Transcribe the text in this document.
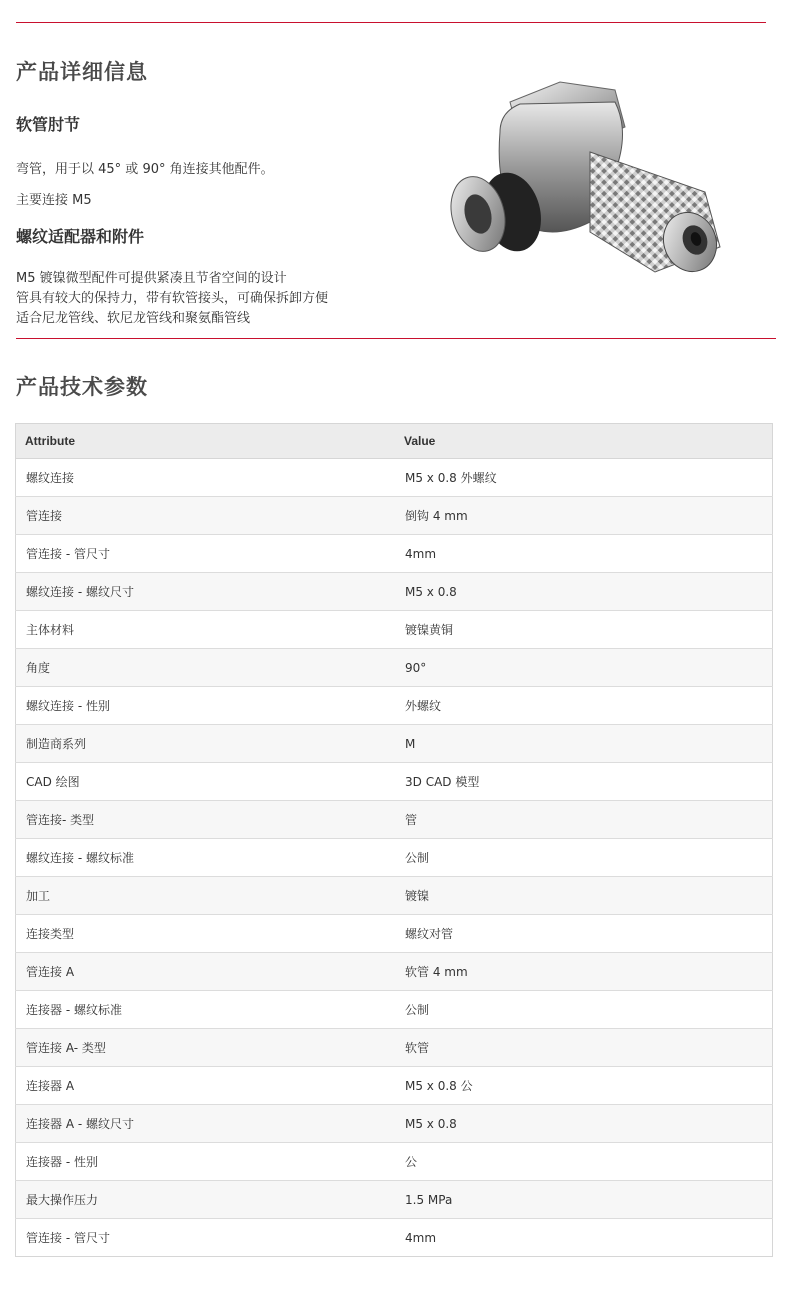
产品详细信息
软管肘节

弯管，用于以 45° 或 90° 角连接其他配件。

主要连接 M5

螺纹适配器和附件
M5 镀镍微型配件可提供紧凑且节省空间的设计
管具有较大的保持力，带有软管接头，可确保拆卸方便
适合尼龙管线、软尼龙管线和聚氨酯管线
产品技术参数
Attribute	Value
螺纹连接	M5 x 0.8 外螺纹
管连接	倒钩 4 mm
管连接 - 管尺寸	4mm
螺纹连接 - 螺纹尺寸	M5 x 0.8
主体材料	镀镍黄铜
角度	90°
螺纹连接 - 性别	外螺纹
制造商系列	M
CAD 绘图	3D CAD 模型
管连接- 类型	管
螺纹连接 - 螺纹标准	公制
加工	镀镍
连接类型	螺纹对管
管连接 A	软管 4 mm
连接器 - 螺纹标准	公制
管连接 A- 类型	软管
连接器 A	M5 x 0.8 公
连接器 A - 螺纹尺寸	M5 x 0.8
连接器 - 性别	公
最大操作压力	1.5 MPa
管连接 - 管尺寸	4mm
